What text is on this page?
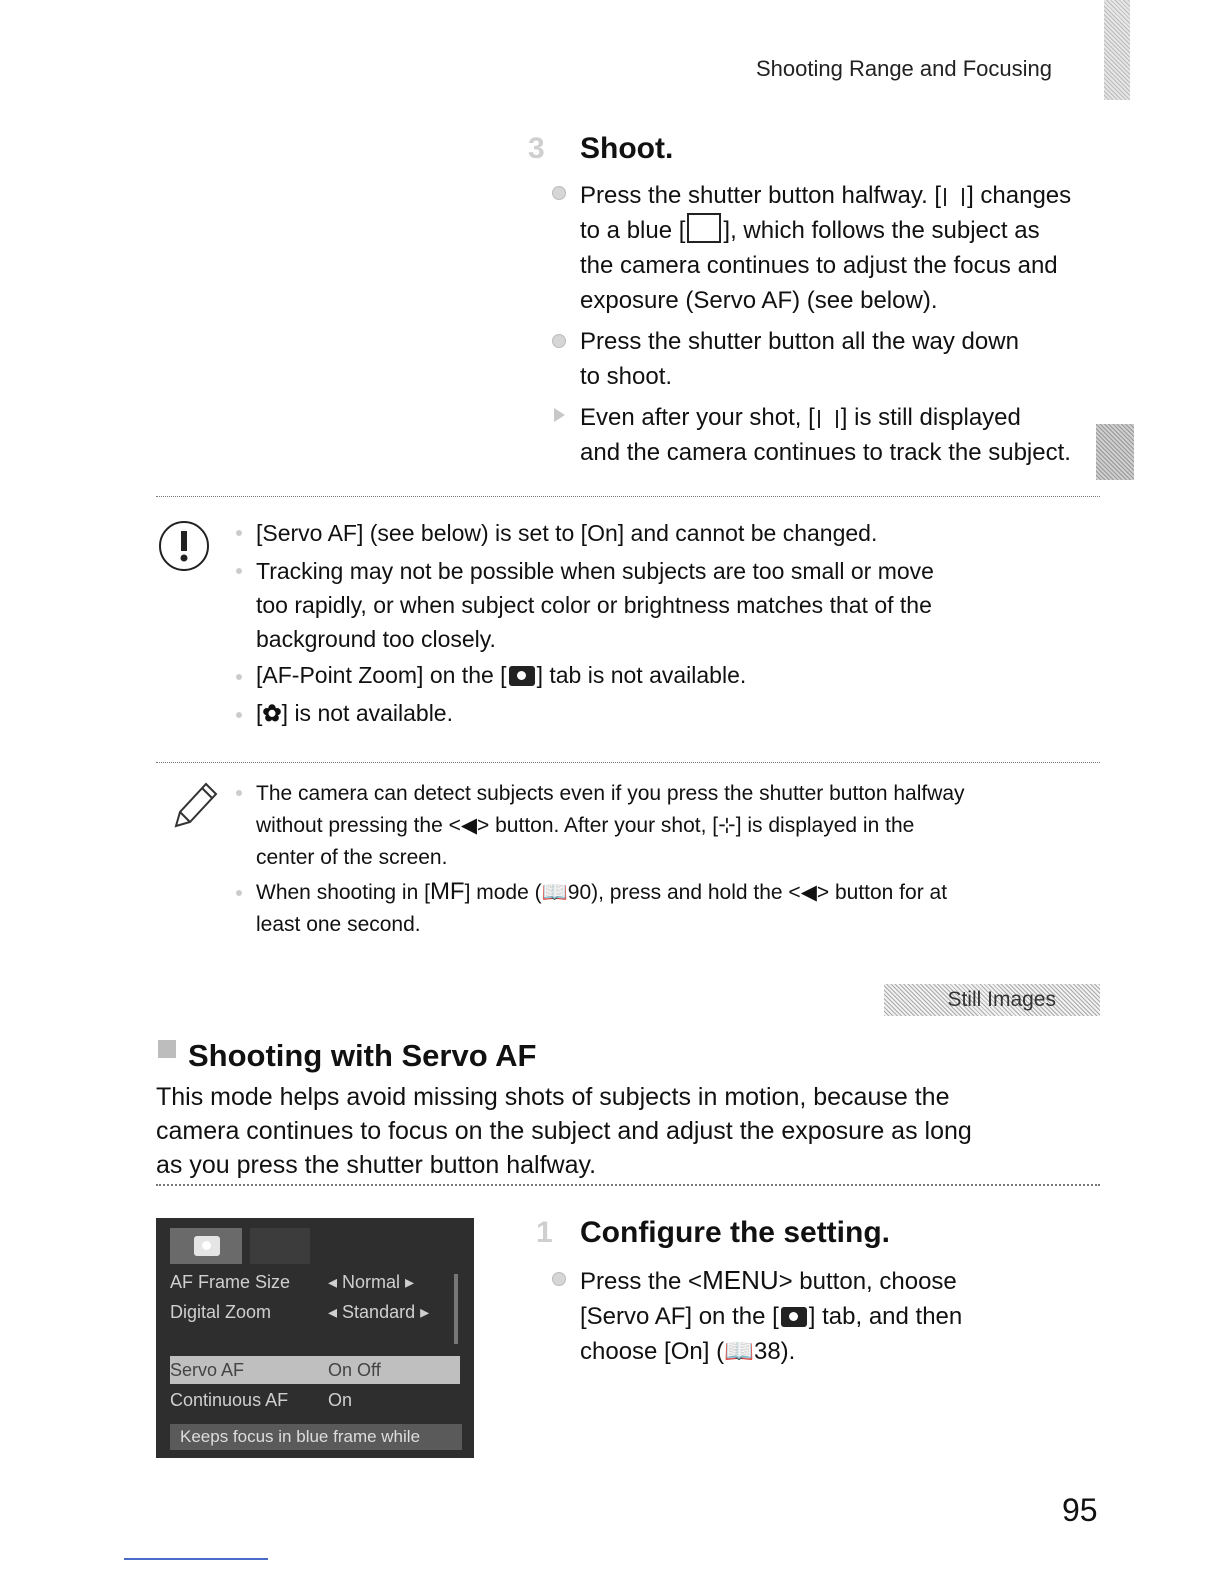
Shooting Range and Focusing
3 Shoot.
Press the shutter button halfway. [ ] changes
to a blue [ ], which follows the subject as
the camera continues to adjust the focus and
exposure (Servo AF) (see below).
Press the shutter button all the way down
to shoot.
Even after your shot, [ ] is still displayed
and the camera continues to track the subject.
[Servo AF] (see below) is set to [On] and cannot be changed.
Tracking may not be possible when subjects are too small or move
too rapidly, or when subject color or brightness matches that of the
background too closely.
[AF-Point Zoom] on the [ ] tab is not available.
[✿] is not available.
The camera can detect subjects even if you press the shutter button halfway
without pressing the <◀> button. After your shot, [⊹] is displayed in the
center of the screen.
When shooting in [MF] mode (📖90), press and hold the <◀> button for at
least one second.
Still Images
Shooting with Servo AF
This mode helps avoid missing shots of subjects in motion, because the
camera continues to focus on the subject and adjust the exposure as long
as you press the shutter button halfway.
AF Frame Size ◂ Normal ▸
Digital Zoom	◂ Standard ▸
Servo AF	On Off
Continuous AF On
Keeps focus in blue frame while
1 Configure the setting.
Press the <MENU> button, choose
[Servo AF] on the [ ] tab, and then
choose [On] (📖38).
95
